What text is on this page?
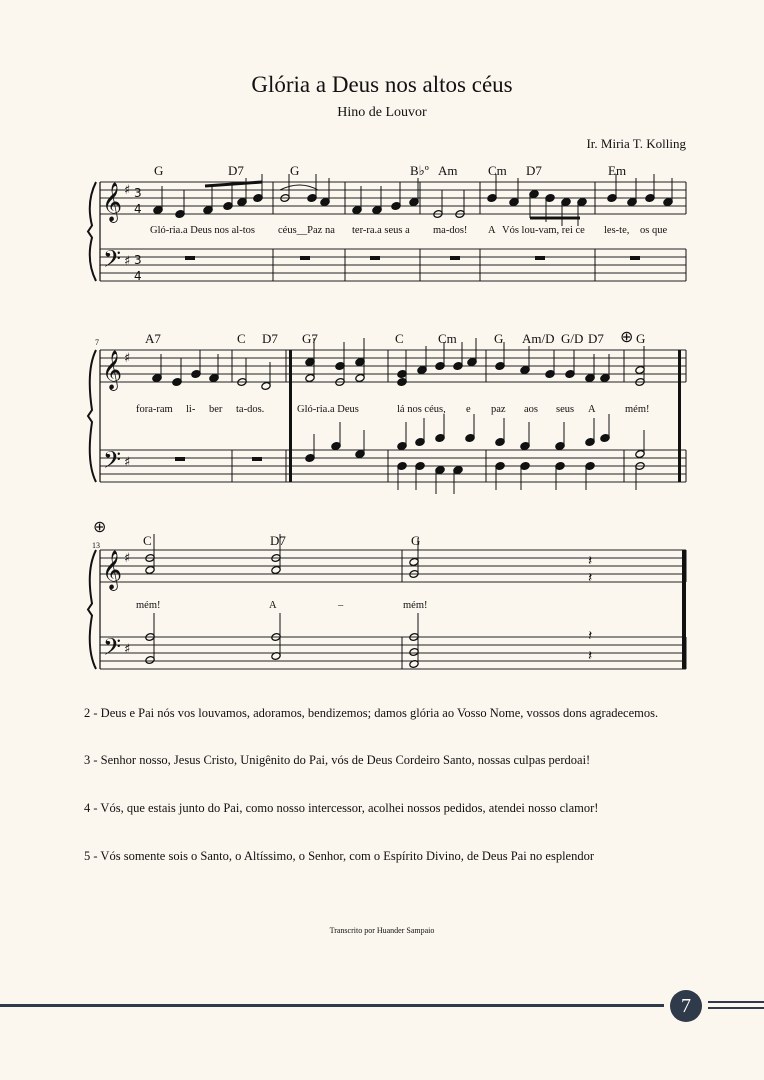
Glória a Deus nos altos céus
Hino de Louvor
Ir. Miria T. Kolling
𝄞
𝄢
♯
♯
3
4
3
4
𝄞
𝄢
♯
♯
⊕
𝄞
𝄢
♯
♯
⊕
𝄽
𝄽
𝄽
𝄽
G	D7	G	B♭º Am Cm D7	Em
Gló-ria.a Deus nos al-tos céus__Paz na ter-ra.a seus a ma-dos! A Vós lou-vam, rei ce les-te, os que
7	A7	C D7 G7	C	Cm	G Am/D G/D D7 G
fora-ram li- ber ta-dos.	Gló-ria.a Deus	lá nos céus, e paz aos seus A	mém!
13	C	D7	G
mém!	A	–	mém!
2 - Deus e Pai nós vos louvamos, adoramos, bendizemos; damos glória ao Vosso Nome, vossos dons agradecemos.
3 - Senhor nosso, Jesus Cristo, Unigênito do Pai, vós de Deus Cordeiro Santo, nossas culpas perdoai!
4 - Vós, que estais junto do Pai, como nosso intercessor, acolhei nossos pedidos, atendei nosso clamor!
5 - Vós somente sois o Santo, o Altíssimo, o Senhor, com o Espírito Divino, de Deus Pai no esplendor
Transcrito por Huander Sampaio
7
